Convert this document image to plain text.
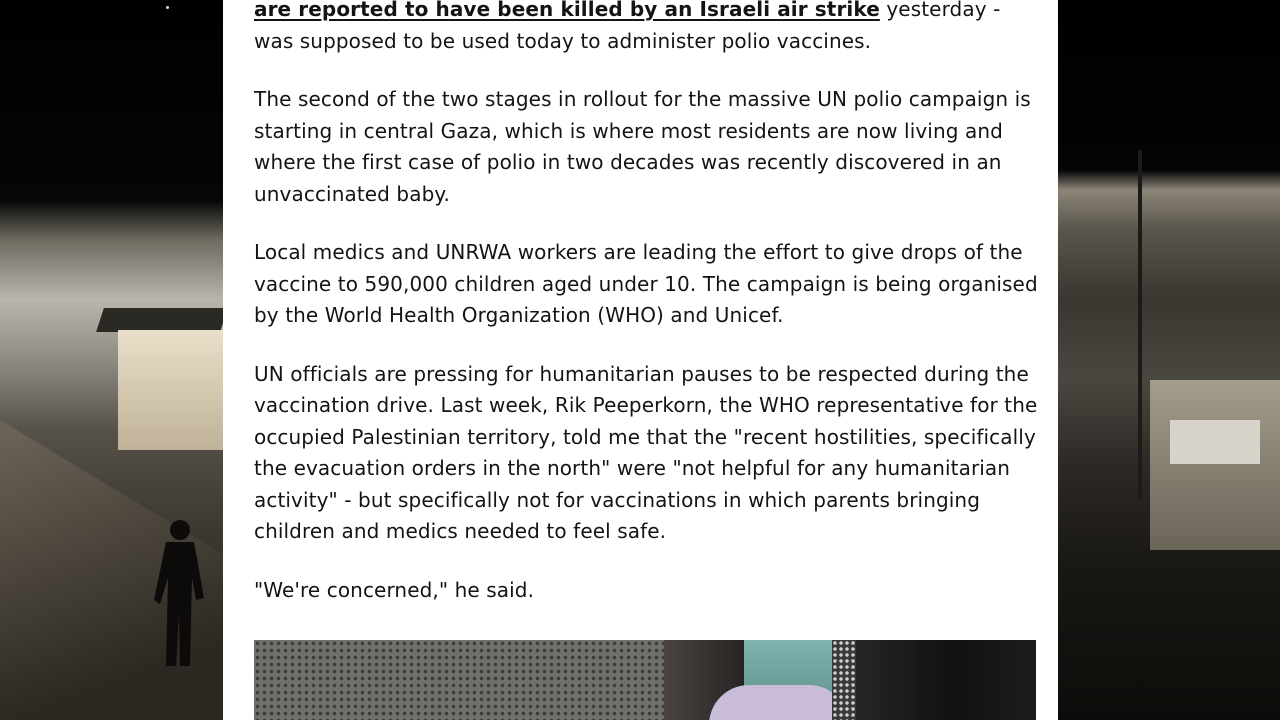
are reported to have been killed by an Israeli air strike yesterday - was supposed to be used today to administer polio vaccines.

The second of the two stages in rollout for the massive UN polio campaign is starting in central Gaza, which is where most residents are now living and where the first case of polio in two decades was recently discovered in an unvaccinated baby.

Local medics and UNRWA workers are leading the effort to give drops of the vaccine to 590,000 children aged under 10. The campaign is being organised by the World Health Organization (WHO) and Unicef.

UN officials are pressing for humanitarian pauses to be respected during the vaccination drive. Last week, Rik Peeperkorn, the WHO representative for the occupied Palestinian territory, told me that the "recent hostilities, specifically the evacuation orders in the north" were "not helpful for any humanitarian activity" - but specifically not for vaccinations in which parents bringing children and medics needed to feel safe.

"We're concerned," he said.
